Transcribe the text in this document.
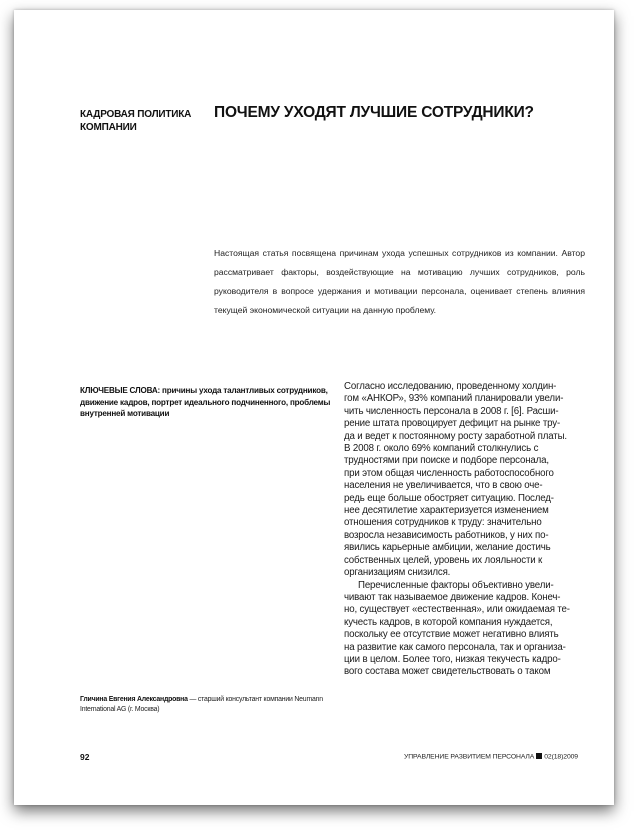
КАДРОВАЯ ПОЛИТИКА
КОМПАНИИ
ПОЧЕМУ УХОДЯТ ЛУЧШИЕ СОТРУДНИКИ?
Настоящая статья посвящена причинам ухода успешных сотрудников из компании. Автор рассматривает факторы, воздействующие на мотивацию лучших сотрудников, роль руководителя в вопросе удержания и мотивации персонала, оценивает степень влияния текущей экономической ситуации на данную проблему.
КЛЮЧЕВЫЕ СЛОВА: причины ухода талантливых сотрудников, движение кадров, портрет идеального подчиненного, проблемы внутренней мотивации
Гличина Евгения Александровна — старший консультант компании Neumann International AG (г. Москва)
Согласно исследованию, проведенному холдин-
гом «АНКОР», 93% компаний планировали увели-
чить численность персонала в 2008 г. [6]. Расши-
рение штата провоцирует дефицит на рынке тру-
да и ведет к постоянному росту заработной платы.
В 2008 г. около 69% компаний столкнулись с
трудностями при поиске и подборе персонала,
при этом общая численность работоспособного
населения не увеличивается, что в свою оче-
редь еще больше обостряет ситуацию. Послед-
нее десятилетие характеризуется изменением
отношения сотрудников к труду: значительно
возросла независимость работников, у них по-
явились карьерные амбиции, желание достичь
собственных целей, уровень их лояльности к
организациям снизился.
Перечисленные факторы объективно увели-
чивают так называемое движение кадров. Конеч-
но, существует «естественная», или ожидаемая те-
кучесть кадров, в которой компания нуждается,
поскольку ее отсутствие может негативно влиять
на развитие как самого персонала, так и организа-
ции в целом. Более того, низкая текучесть кадро-
вого состава может свидетельствовать о таком
92	УПРАВЛЕНИЕ РАЗВИТИЕМ ПЕРСОНАЛА 02(18)2009
